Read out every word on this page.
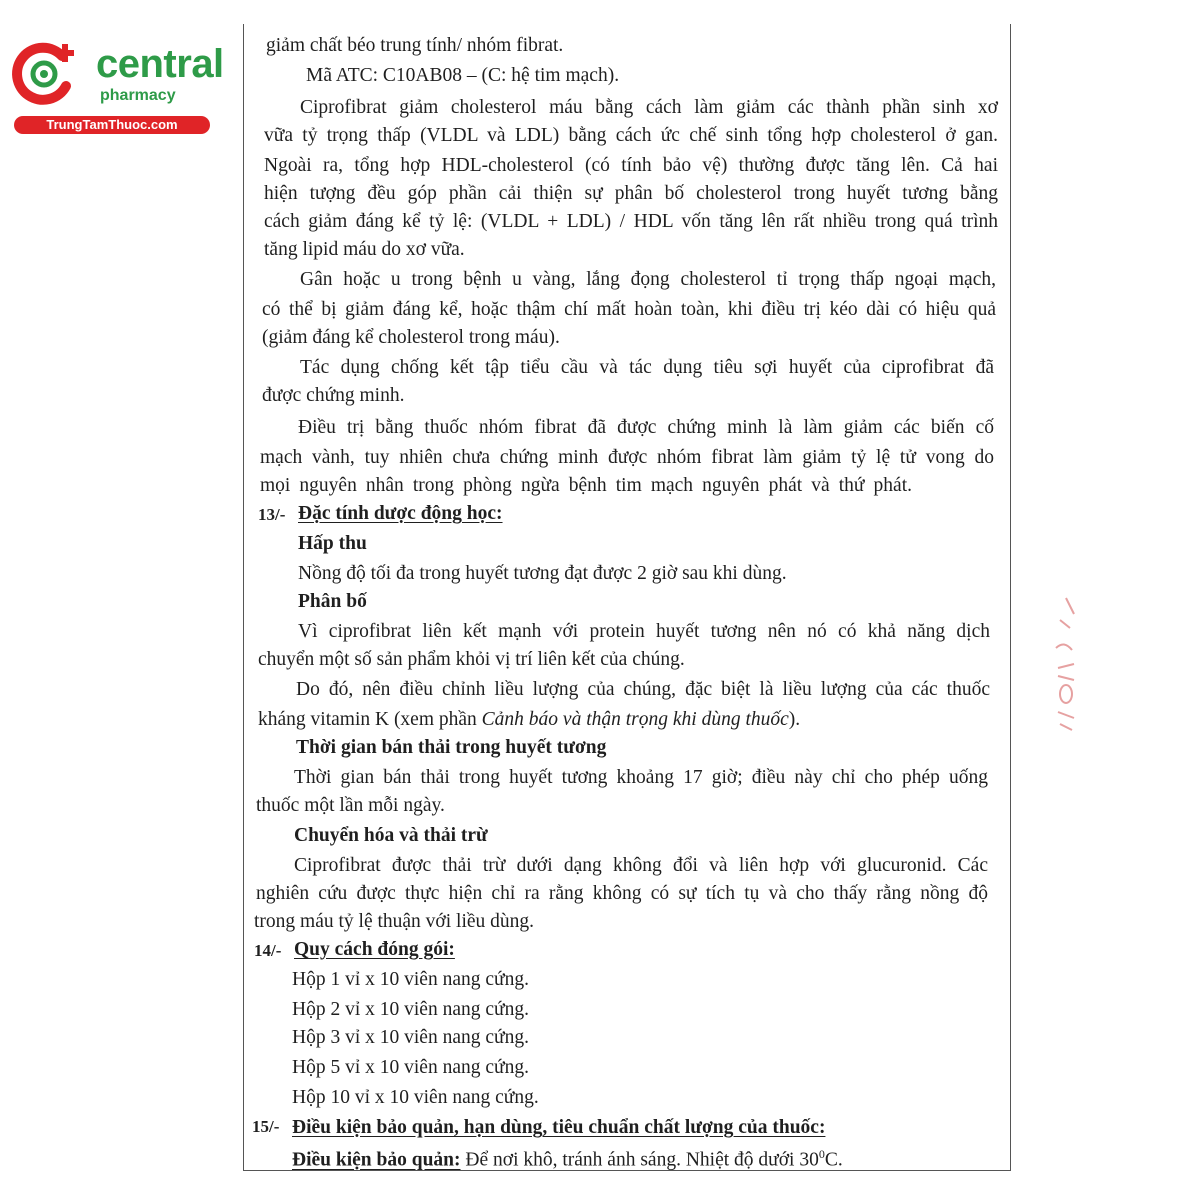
central
pharmacy
TrungTamThuoc.com
giảm chất béo trung tính/ nhóm fibrat.
Mã ATC: C10AB08 – (C: hệ tim mạch).
Ciprofibrat giảm cholesterol máu bằng cách làm giảm các thành phần sinh xơ
vữa tỷ trọng thấp (VLDL và LDL) bằng cách ức chế sinh tổng hợp cholesterol ở gan.
Ngoài ra, tổng hợp HDL-cholesterol (có tính bảo vệ) thường được tăng lên. Cả hai
hiện tượng đều góp phần cải thiện sự phân bố cholesterol trong huyết tương bằng
cách giảm đáng kể tỷ lệ: (VLDL + LDL) / HDL vốn tăng lên rất nhiều trong quá trình
tăng lipid máu do xơ vữa.
Gân hoặc u trong bệnh u vàng, lắng đọng cholesterol tỉ trọng thấp ngoại mạch,
có thể bị giảm đáng kể, hoặc thậm chí mất hoàn toàn, khi điều trị kéo dài có hiệu quả
(giảm đáng kể cholesterol trong máu).
Tác dụng chống kết tập tiểu cầu và tác dụng tiêu sợi huyết của ciprofibrat đã
được chứng minh.
Điều trị bằng thuốc nhóm fibrat đã được chứng minh là làm giảm các biến cố
mạch vành, tuy nhiên chưa chứng minh được nhóm fibrat làm giảm tỷ lệ tử vong do
mọi nguyên nhân trong phòng ngừa bệnh tim mạch nguyên phát và thứ phát.
13/- Đặc tính dược động học:
Hấp thu
Nồng độ tối đa trong huyết tương đạt được 2 giờ sau khi dùng.
Phân bố
Vì ciprofibrat liên kết mạnh với protein huyết tương nên nó có khả năng dịch
chuyển một số sản phẩm khỏi vị trí liên kết của chúng.
Do đó, nên điều chỉnh liều lượng của chúng, đặc biệt là liều lượng của các thuốc
kháng vitamin K (xem phần Cảnh báo và thận trọng khi dùng thuốc).
Thời gian bán thải trong huyết tương
Thời gian bán thải trong huyết tương khoảng 17 giờ; điều này chỉ cho phép uống
thuốc một lần mỗi ngày.
Chuyển hóa và thải trừ
Ciprofibrat được thải trừ dưới dạng không đổi và liên hợp với glucuronid. Các
nghiên cứu được thực hiện chỉ ra rằng không có sự tích tụ và cho thấy rằng nồng độ
trong máu tỷ lệ thuận với liều dùng.
14/- Quy cách đóng gói:
Hộp 1 vỉ x 10 viên nang cứng.
Hộp 2 vỉ x 10 viên nang cứng.
Hộp 3 vỉ x 10 viên nang cứng.
Hộp 5 vỉ x 10 viên nang cứng.
Hộp 10 vỉ x 10 viên nang cứng.
15/- Điều kiện bảo quản, hạn dùng, tiêu chuẩn chất lượng của thuốc:
Điều kiện bảo quản: Để nơi khô, tránh ánh sáng. Nhiệt độ dưới $30^0C$.
